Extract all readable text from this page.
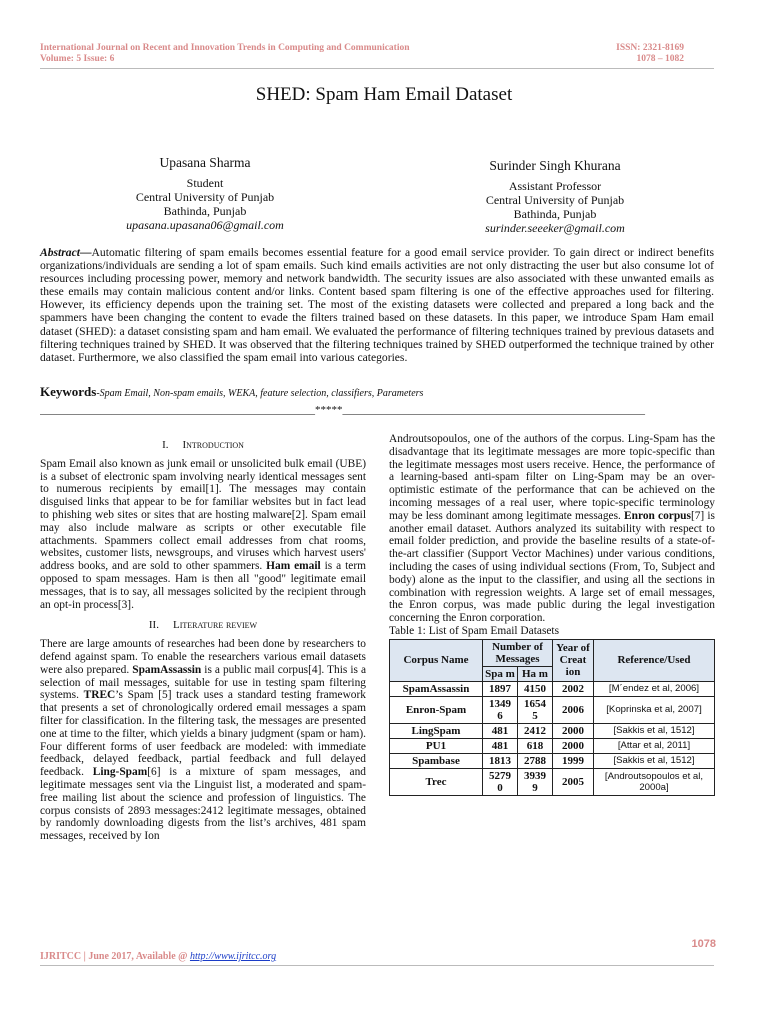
International Journal on Recent and Innovation Trends in Computing and Communication
Volume: 5 Issue: 6
ISSN: 2321-8169
1078 – 1082
SHED: Spam Ham Email Dataset
Upasana Sharma
Student
Central University of Punjab
Bathinda, Punjab
upasana.upasana06@gmail.com
Surinder Singh Khurana
Assistant Professor
Central University of Punjab
Bathinda, Punjab
surinder.seeeker@gmail.com
Abstract—Automatic filtering of spam emails becomes essential feature for a good email service provider. To gain direct or indirect benefits organizations/individuals are sending a lot of spam emails. Such kind emails activities are not only distracting the user but also consume lot of resources including processing power, memory and network bandwidth. The security issues are also associated with these unwanted emails as these emails may contain malicious content and/or links. Content based spam filtering is one of the effective approaches used for filtering. However, its efficiency depends upon the training set. The most of the existing datasets were collected and prepared a long back and the spammers have been changing the content to evade the filters trained based on these datasets. In this paper, we introduce Spam Ham email dataset (SHED): a dataset consisting spam and ham email. We evaluated the performance of filtering techniques trained by previous datasets and filtering techniques trained by SHED. It was observed that the filtering techniques trained by SHED outperformed the technique trained by other dataset. Furthermore, we also classified the spam email into various categories.
Keywords-Spam Email, Non-spam emails, WEKA, feature selection, classifiers, Parameters
__________________________________________________*****_______________________________________________________
I. Introduction

Spam Email also known as junk email or unsolicited bulk email (UBE) is a subset of electronic spam involving nearly identical messages sent to numerous recipients by email[1]. The messages may contain disguised links that appear to be for familiar websites but in fact lead to phishing web sites or sites that are hosting malware[2]. Spam email may also include malware as scripts or other executable file attachments. Spammers collect email addresses from chat rooms, websites, customer lists, newsgroups, and viruses which harvest users' address books, and are sold to other spammers. Ham email is a term opposed to spam messages. Ham is then all "good" legitimate email messages, that is to say, all messages solicited by the recipient through an opt-in process[3].

II. Literature review

There are large amounts of researches had been done by researchers to defend against spam. To enable the researchers various email datasets were also prepared. SpamAssassin is a public mail corpus[4]. This is a selection of mail messages, suitable for use in testing spam filtering systems. TREC’s Spam [5] track uses a standard testing framework that presents a set of chronologically ordered email messages a spam filter for classification. In the filtering task, the messages are presented one at time to the filter, which yields a binary judgment (spam or ham). Four different forms of user feedback are modeled: with immediate feedback, delayed feedback, partial feedback and full delayed feedback. Ling-Spam[6] is a mixture of spam messages, and legitimate messages sent via the Linguist list, a moderated and spam-free mailing list about the science and profession of linguistics. The corpus consists of 2893 messages:2412 legitimate messages, obtained by randomly downloading digests from the list’s archives, 481 spam messages, received by Ion

Androutsopoulos, one of the authors of the corpus. Ling-Spam has the disadvantage that its legitimate messages are more topic-specific than the legitimate messages most users receive. Hence, the performance of a learning-based anti-spam filter on Ling-Spam may be an over-optimistic estimate of the performance that can be achieved on the incoming messages of a real user, where topic-specific terminology may be less dominant among legitimate messages. Enron corpus[7] is another email dataset. Authors analyzed its suitability with respect to email folder prediction, and provide the baseline results of a state-of-the-art classifier (Support Vector Machines) under various conditions, including the cases of using individual sections (From, To, Subject and body) alone as the input to the classifier, and using all the sections in combination with regression weights. A large set of email messages, the Enron corpus, was made public during the legal investigation concerning the Enron corporation.

Table 1: List of Spam Email Datasets
Corpus Name	Number of Messages		Year of Creat ion	Reference/Used
	Spa m	Ha m		
SpamAssassin	1897	4150	2002	[M´endez et al, 2006]
Enron-Spam	1349 6	1654 5	2006	[Koprinska et al, 2007]
LingSpam	481	2412	2000	[Sakkis et al, 1512]
PU1	481	618	2000	[Attar et al, 2011]
Spambase	1813	2788	1999	[Sakkis et al, 1512]
Trec	5279 0	3939 9	2005	[Androutsopoulos et al, 2000a]
1078
IJRITCC | June 2017, Available @ http://www.ijritcc.org
